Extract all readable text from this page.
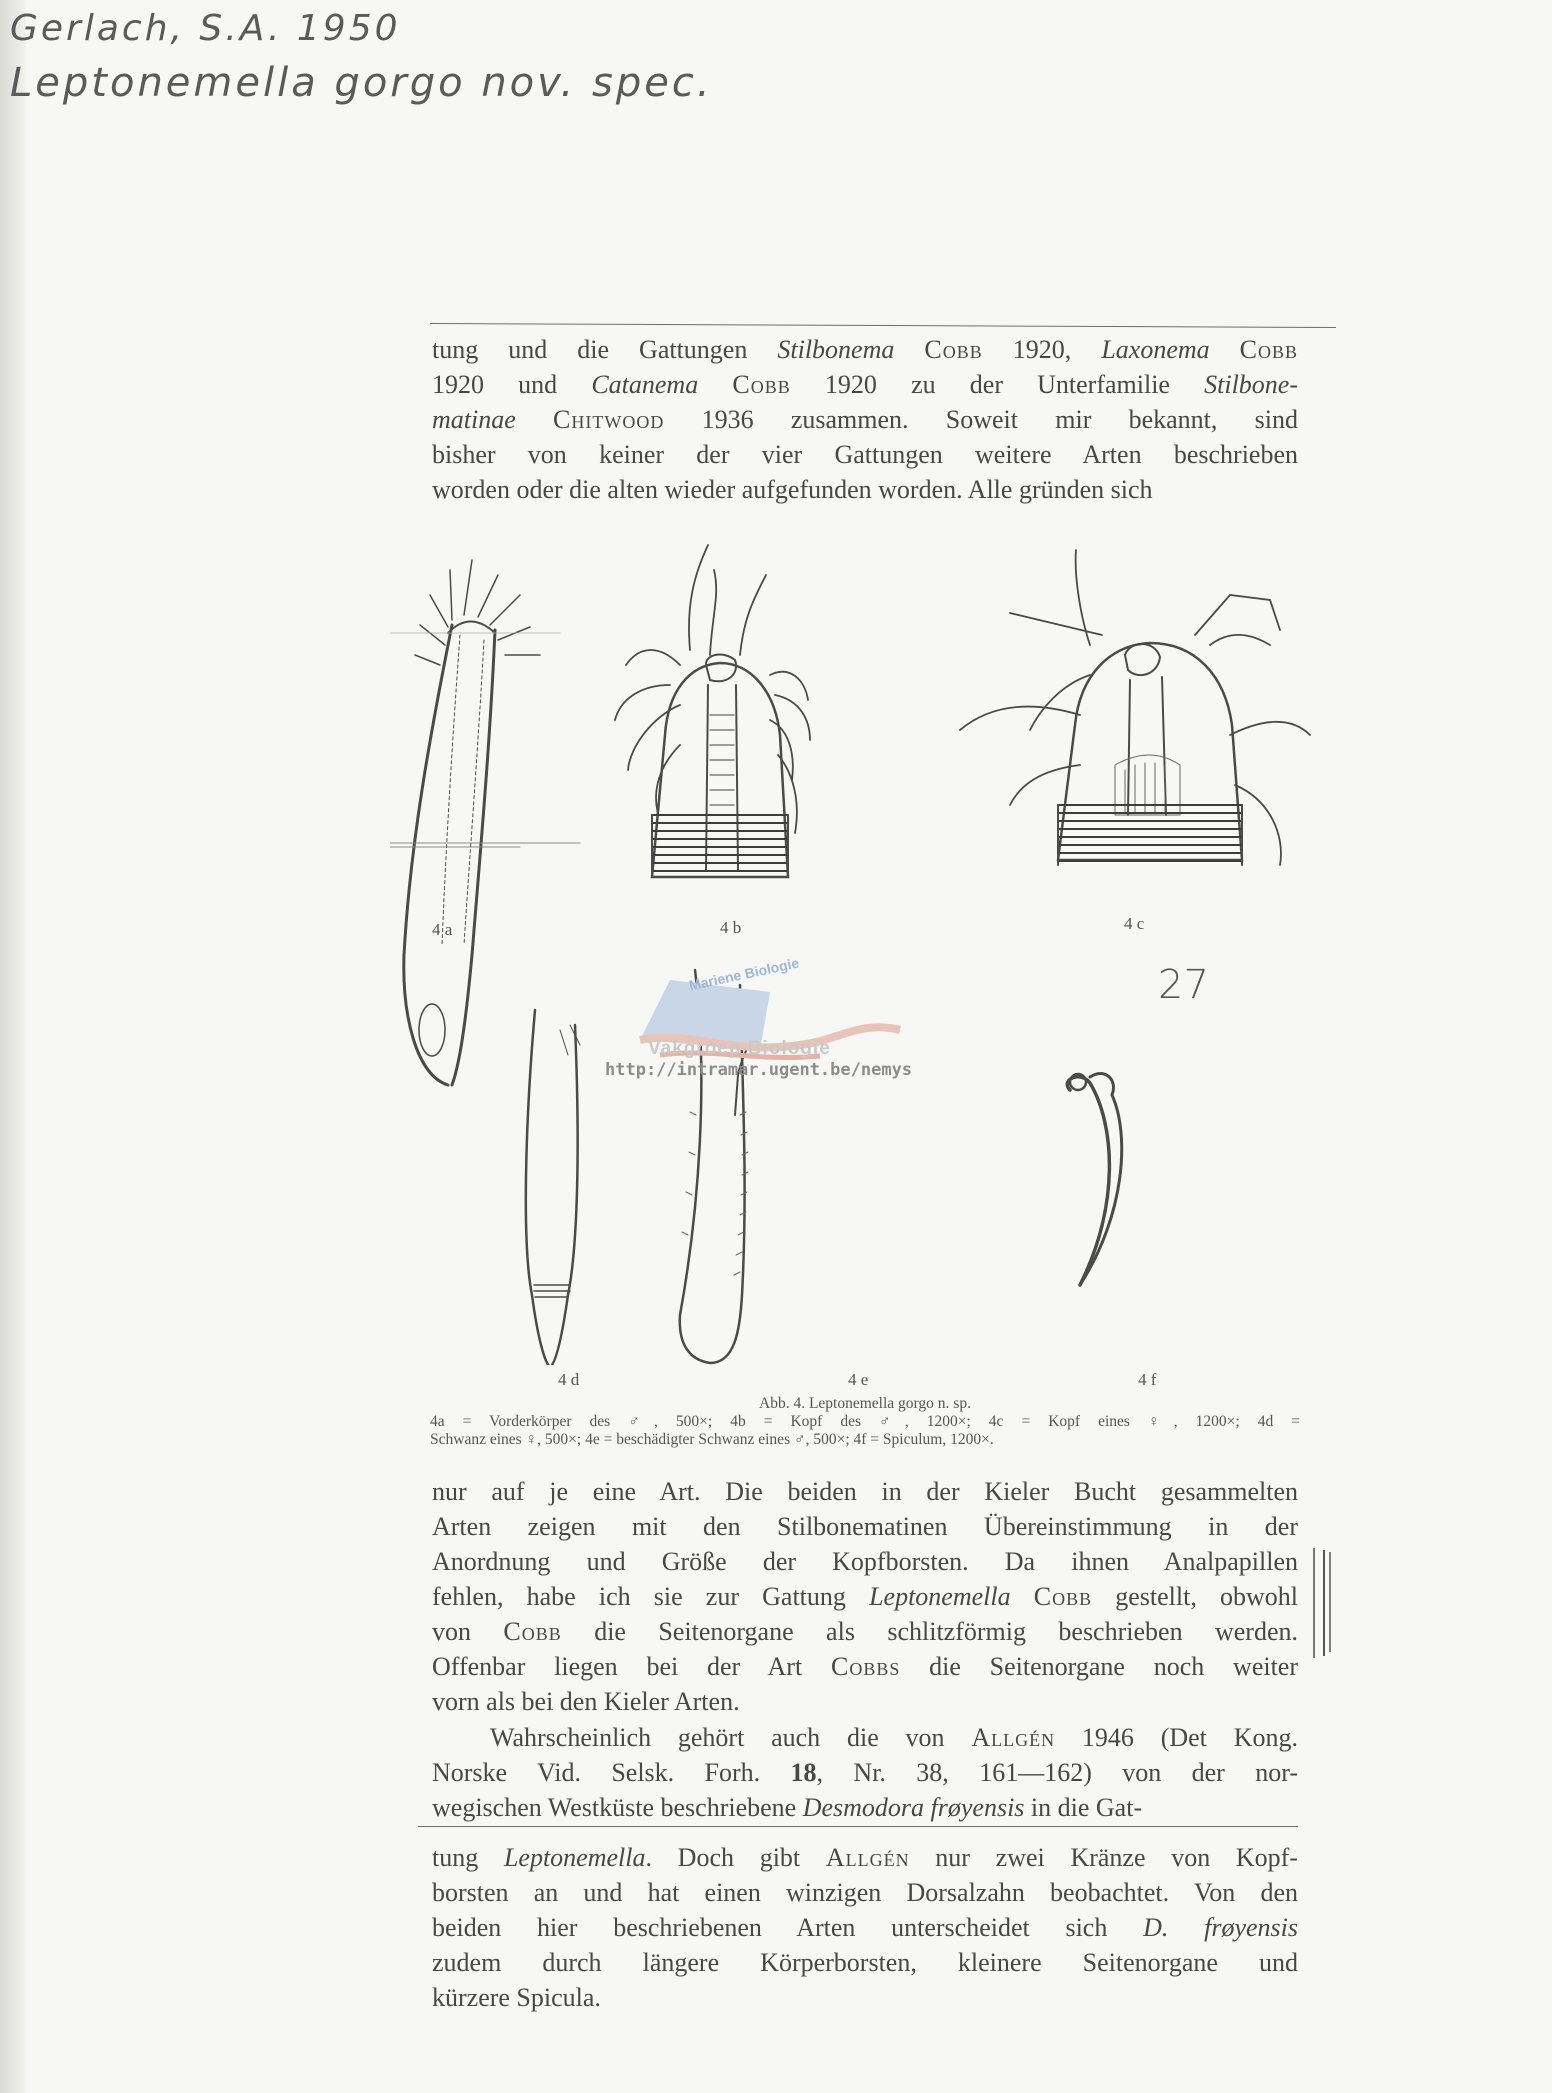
Gerlach, S.A. 1950
Leptonemella gorgo nov. spec.
tung und die Gattungen Stilbonema Cobb 1920, Laxonema Cobb
1920 und Catanema Cobb 1920 zu der Unterfamilie Stilbone-
matinae Chitwood 1936 zusammen. Soweit mir bekannt, sind
bisher von keiner der vier Gattungen weitere Arten beschrieben
worden oder die alten wieder aufgefunden worden. Alle gründen sich
4 a	4 b	4 c
4 d	4 e	4 f
27
Mariene Biologie
Vakgroep Biologie
http://intramar.ugent.be/nemys
Abb. 4. Leptonemella gorgo n. sp.
4a = Vorderkörper des ♂, 500×; 4b = Kopf des ♂, 1200×; 4c = Kopf eines ♀, 1200×; 4d =
Schwanz eines ♀, 500×; 4e = beschädigter Schwanz eines ♂, 500×; 4f = Spiculum, 1200×.
nur auf je eine Art. Die beiden in der Kieler Bucht gesammelten
Arten zeigen mit den Stilbonematinen Übereinstimmung in der
Anordnung und Größe der Kopfborsten. Da ihnen Analpapillen
fehlen, habe ich sie zur Gattung Leptonemella Cobb gestellt, obwohl
von Cobb die Seitenorgane als schlitzförmig beschrieben werden.
Offenbar liegen bei der Art Cobbs die Seitenorgane noch weiter
vorn als bei den Kieler Arten.
Wahrscheinlich gehört auch die von Allgén 1946 (Det Kong.
Norske Vid. Selsk. Forh. 18, Nr. 38, 161—162) von der nor-
wegischen Westküste beschriebene Desmodora frøyensis in die Gat-
tung Leptonemella. Doch gibt Allgén nur zwei Kränze von Kopf-
borsten an und hat einen winzigen Dorsalzahn beobachtet. Von den
beiden hier beschriebenen Arten unterscheidet sich D. frøyensis
zudem durch längere Körperborsten, kleinere Seitenorgane und
kürzere Spicula.
